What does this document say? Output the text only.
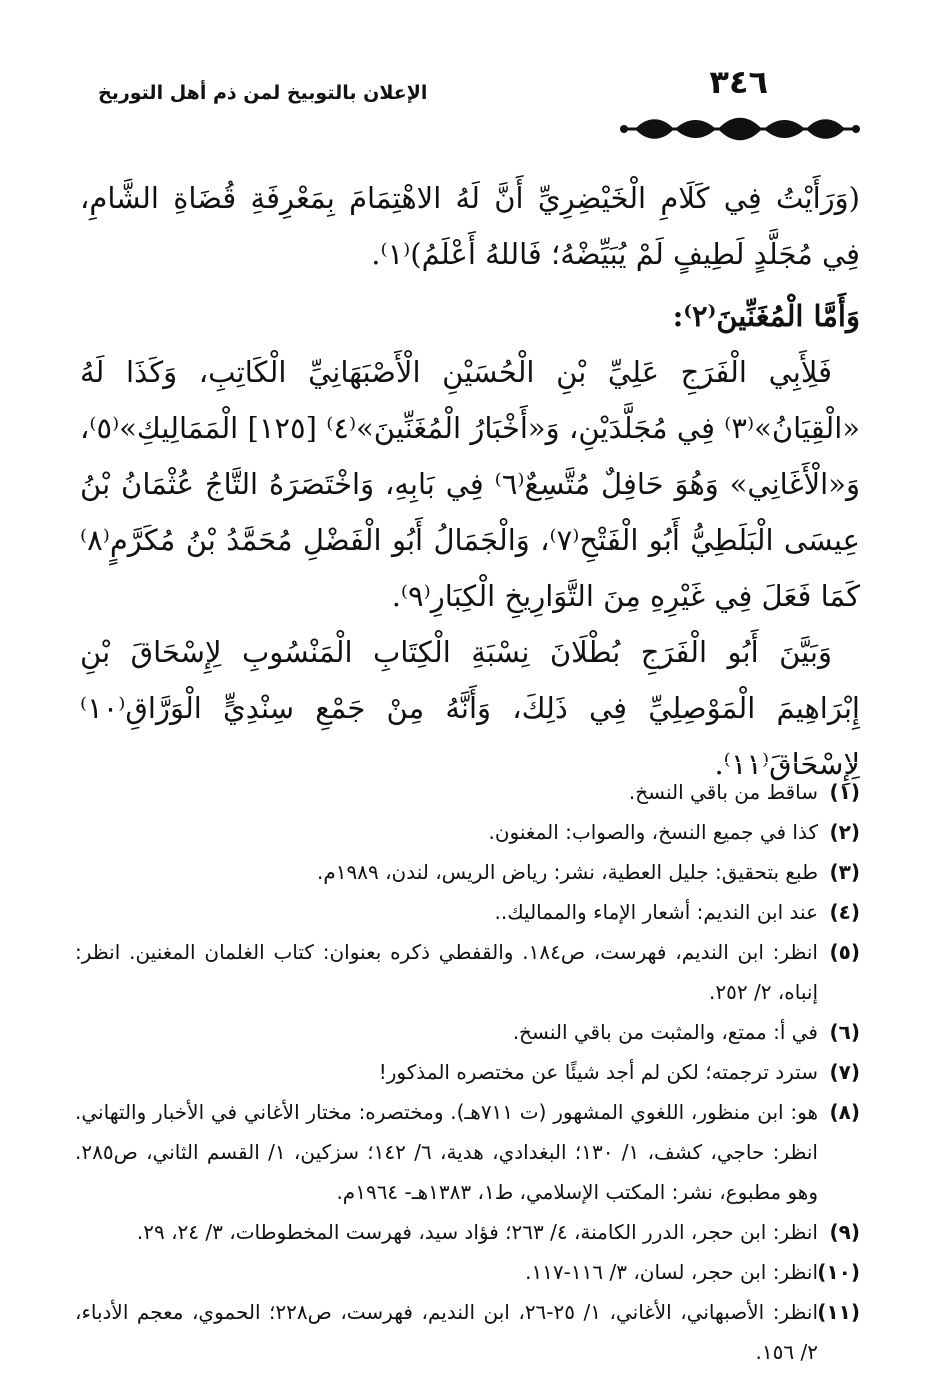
٣٤٦
الإعلان بالتوبيخ لمن ذم أهل التوريخ

(وَرَأَيْتُ فِي كَلَامِ الْخَيْضِرِيِّ أَنَّ لَهُ الاهْتِمَامَ بِمَعْرِفَةِ قُضَاةِ الشَّامِ، فِي مُجَلَّدٍ لَطِيفٍ لَمْ يُبَيِّضْهُ؛ فَاللهُ أَعْلَمُ)⁽١⁾.

وَأَمَّا الْمُغَنِّينَ⁽٢⁾:

فَلِأَبِي الْفَرَجِ عَلِيِّ بْنِ الْحُسَيْنِ الْأَصْبَهَانِيِّ الْكَاتِبِ، وَكَذَا لَهُ «الْقِيَانُ»⁽٣⁾ فِي مُجَلَّدَيْنِ، وَ«أَخْبَارُ الْمُغَنِّينَ»⁽٤⁾ [١٢٥] الْمَمَالِيكِ»⁽٥⁾، وَ«الْأَغَانِي» وَهُوَ حَافِلٌ مُتَّسِعٌ⁽٦⁾ فِي بَابِهِ، وَاخْتَصَرَهُ التَّاجُ عُثْمَانُ بْنُ عِيسَى الْبَلَطِيُّ أَبُو الْفَتْحِ⁽٧⁾، وَالْجَمَالُ أَبُو الْفَضْلِ مُحَمَّدُ بْنُ مُكَرَّمٍ⁽٨⁾ كَمَا فَعَلَ فِي غَيْرِهِ مِنَ التَّوَارِيخِ الْكِبَارِ⁽٩⁾.

وَبَيَّنَ أَبُو الْفَرَجِ بُطْلَانَ نِسْبَةِ الْكِتَابِ الْمَنْسُوبِ لِإِسْحَاقَ بْنِ إِبْرَاهِيمَ الْمَوْصِلِيِّ فِي ذَلِكَ، وَأَنَّهُ مِنْ جَمْعِ سِنْدِيٍّ الْوَرَّاقِ⁽١٠⁾ لِإِسْحَاقَ⁽١١⁾.

(١)
ساقط من باقي النسخ.

(٢)
كذا في جميع النسخ، والصواب: المغنون.

(٣)
طبع بتحقيق: جليل العطية، نشر: رياض الريس، لندن، ١٩٨٩م.

(٤)
عند ابن النديم: أشعار الإماء والمماليك..

(٥)
انظر: ابن النديم، فهرست، ص١٨٤. والقفطي ذكره بعنوان: كتاب الغلمان المغنين. انظر: إنباه، ٢/ ٢٥٢.

(٦)
في أ: ممتع، والمثبت من باقي النسخ.

(٧)
سترد ترجمته؛ لكن لم أجد شيئًا عن مختصره المذكور!

(٨)
هو: ابن منظور، اللغوي المشهور (ت ٧١١هـ). ومختصره: مختار الأغاني في الأخبار والتهاني. انظر: حاجي، كشف، ١/ ١٣٠؛ البغدادي، هدية، ٦/ ١٤٢؛ سزكين، ١/ القسم الثاني، ص٢٨٥. وهو مطبوع، نشر: المكتب الإسلامي، ط١، ١٣٨٣هـ- ١٩٦٤م.

(٩)
انظر: ابن حجر، الدرر الكامنة، ٤/ ٢٦٣؛ فؤاد سيد، فهرست المخطوطات، ٣/ ٢٤، ٢٩.

(١٠)
انظر: ابن حجر، لسان، ٣/ ١١٦-١١٧.

(١١)
انظر: الأصبهاني، الأغاني، ١/ ٢٥-٢٦، ابن النديم، فهرست، ص٢٢٨؛ الحموي، معجم الأدباء، ٢/ ١٥٦.
